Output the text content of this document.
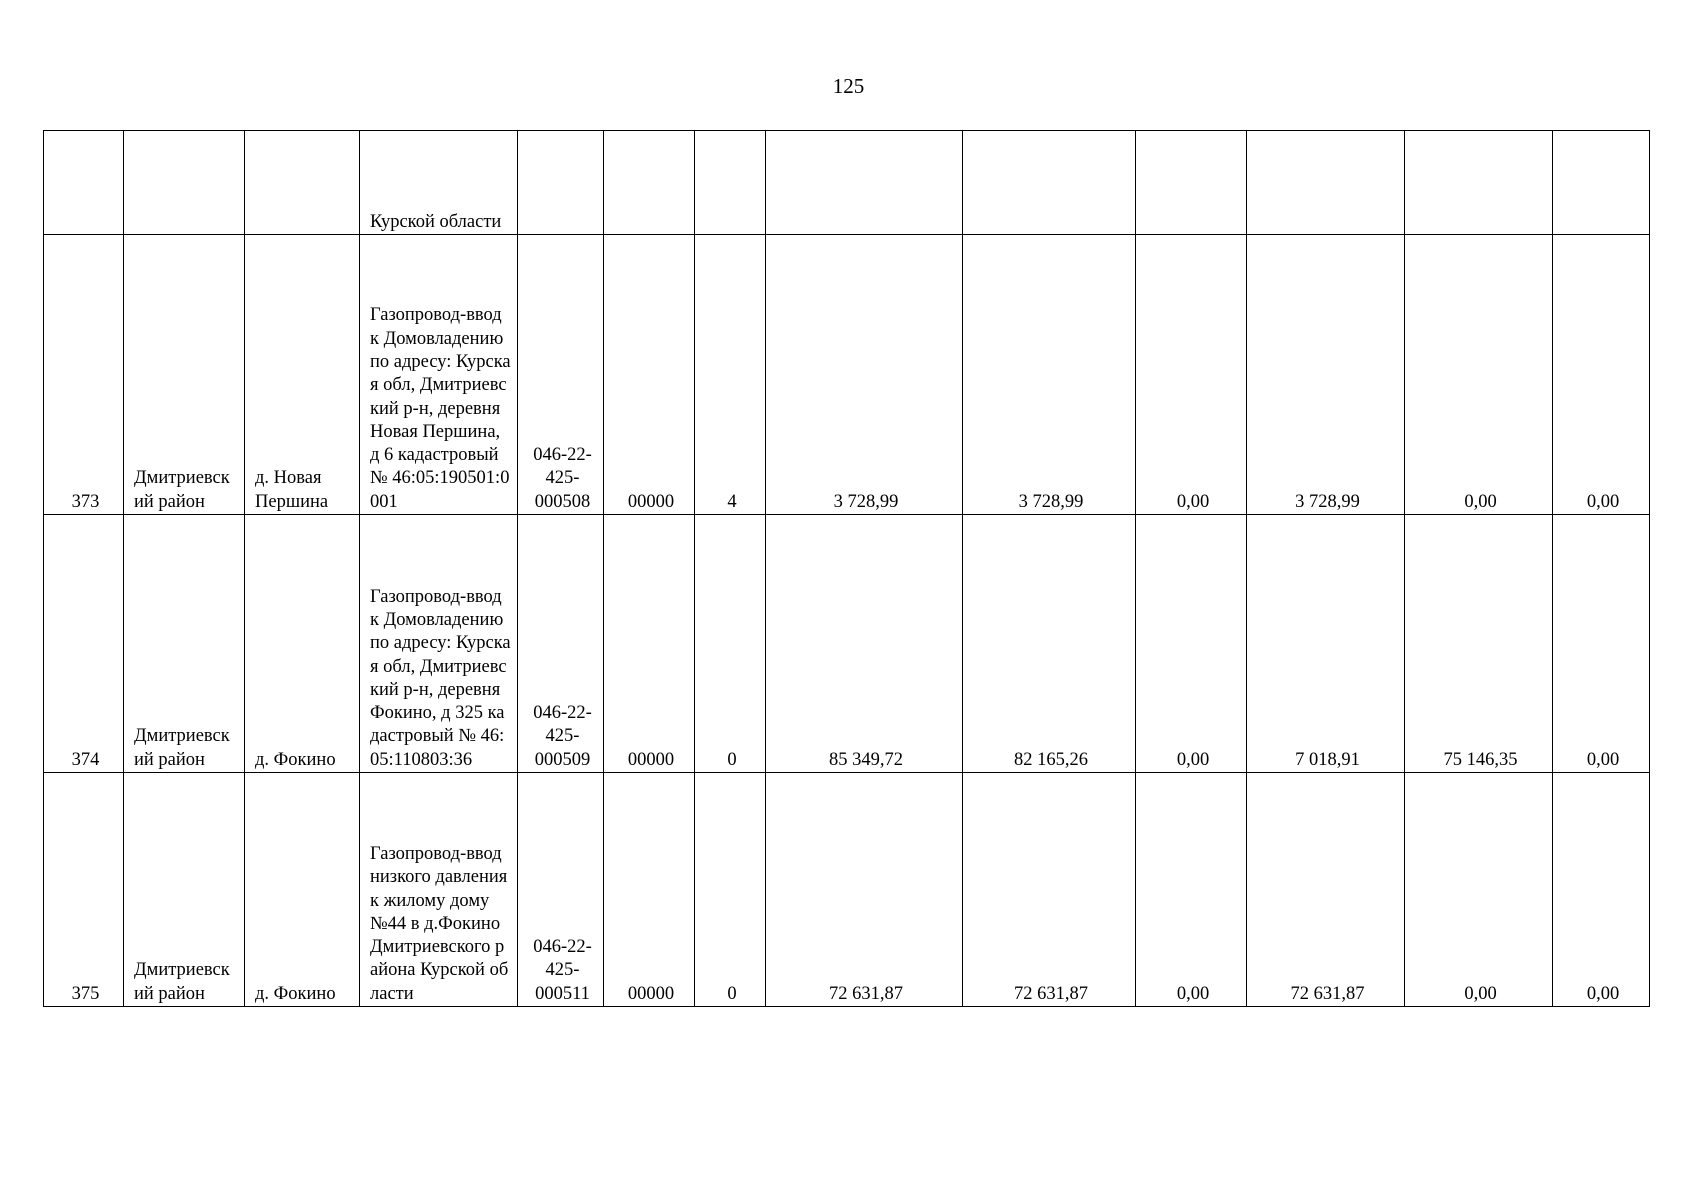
125
			Курской области									
373	Дмитриевский район	д. Новая Першина	Газопровод-ввод к Домовладению по адресу: Курская обл, Дмитриевский р-н, деревня Новая Першина, д 6 кадастровый № 46:05:190501:0001	046-22-425-000508	00000	4	3 728,99	3 728,99	0,00	3 728,99	0,00	0,00
374	Дмитриевский район	д. Фокино	Газопровод-ввод к Домовладению по адресу: Курская обл, Дмитриевский р-н, деревня Фокино, д 325 кадастровый № 46:05:110803:36	046-22-425-000509	00000	0	85 349,72	82 165,26	0,00	7 018,91	75 146,35	0,00
375	Дмитриевский район	д. Фокино	Газопровод-ввод низкого давления к жилому дому №44 в д.Фокино Дмитриевского района Курской области	046-22-425-000511	00000	0	72 631,87	72 631,87	0,00	72 631,87	0,00	0,00
